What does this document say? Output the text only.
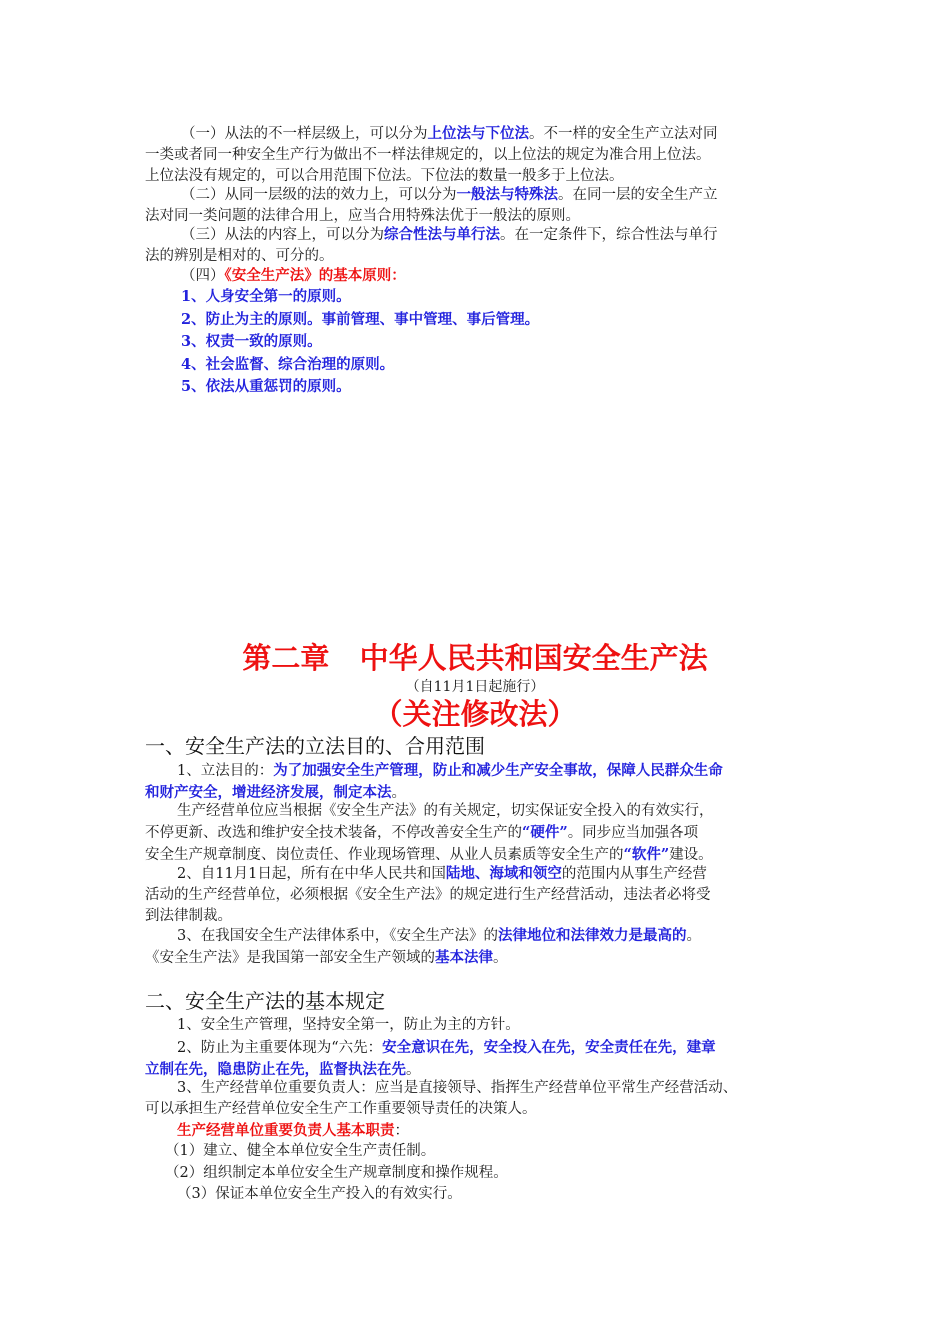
（一）从法的不一样层级上，可以分为上位法与下位法。不一样的安全生产立法对同
一类或者同一种安全生产行为做出不一样法律规定的，以上位法的规定为准合用上位法。
上位法没有规定的，可以合用范围下位法。下位法的数量一般多于上位法。
（二）从同一层级的法的效力上，可以分为一般法与特殊法。在同一层的安全生产立
法对同一类问题的法律合用上，应当合用特殊法优于一般法的原则。
（三）从法的内容上，可以分为综合性法与单行法。在一定条件下，综合性法与单行
法的辨别是相对的、可分的。
（四）《安全生产法》的基本原则：
1、人身安全第一的原则。
2、防止为主的原则。事前管理、事中管理、事后管理。
3、权责一致的原则。
4、社会监督、综合治理的原则。
5、依法从重惩罚的原则。
第二章   中华人民共和国安全生产法
（自11月1日起施行）
（关注修改法）
一、安全生产法的立法目的、合用范围
1、立法目的：为了加强安全生产管理，防止和减少生产安全事故，保障人民群众生命
和财产安全，增进经济发展，制定本法。
生产经营单位应当根据《安全生产法》的有关规定，切实保证安全投入的有效实行，
不停更新、改选和维护安全技术装备，不停改善安全生产的“硬件”。同步应当加强各项
安全生产规章制度、岗位责任、作业现场管理、从业人员素质等安全生产的“软件”建设。
2、自11月1日起，所有在中华人民共和国陆地、海域和领空的范围内从事生产经营
活动的生产经营单位，必须根据《安全生产法》的规定进行生产经营活动，违法者必将受
到法律制裁。
3、在我国安全生产法律体系中，《安全生产法》的法律地位和法律效力是最高的。
《安全生产法》是我国第一部安全生产领域的基本法律。
二、安全生产法的基本规定
1、安全生产管理，坚持安全第一，防止为主的方针。
2、防止为主重要体现为“六先：安全意识在先，安全投入在先，安全责任在先，建章
立制在先，隐患防止在先，监督执法在先。
3、生产经营单位重要负责人：应当是直接领导、指挥生产经营单位平常生产经营活动、
可以承担生产经营单位安全生产工作重要领导责任的决策人。
生产经营单位重要负责人基本职责：
（1）建立、健全本单位安全生产责任制。
（2）组织制定本单位安全生产规章制度和操作规程。
（3）保证本单位安全生产投入的有效实行。
